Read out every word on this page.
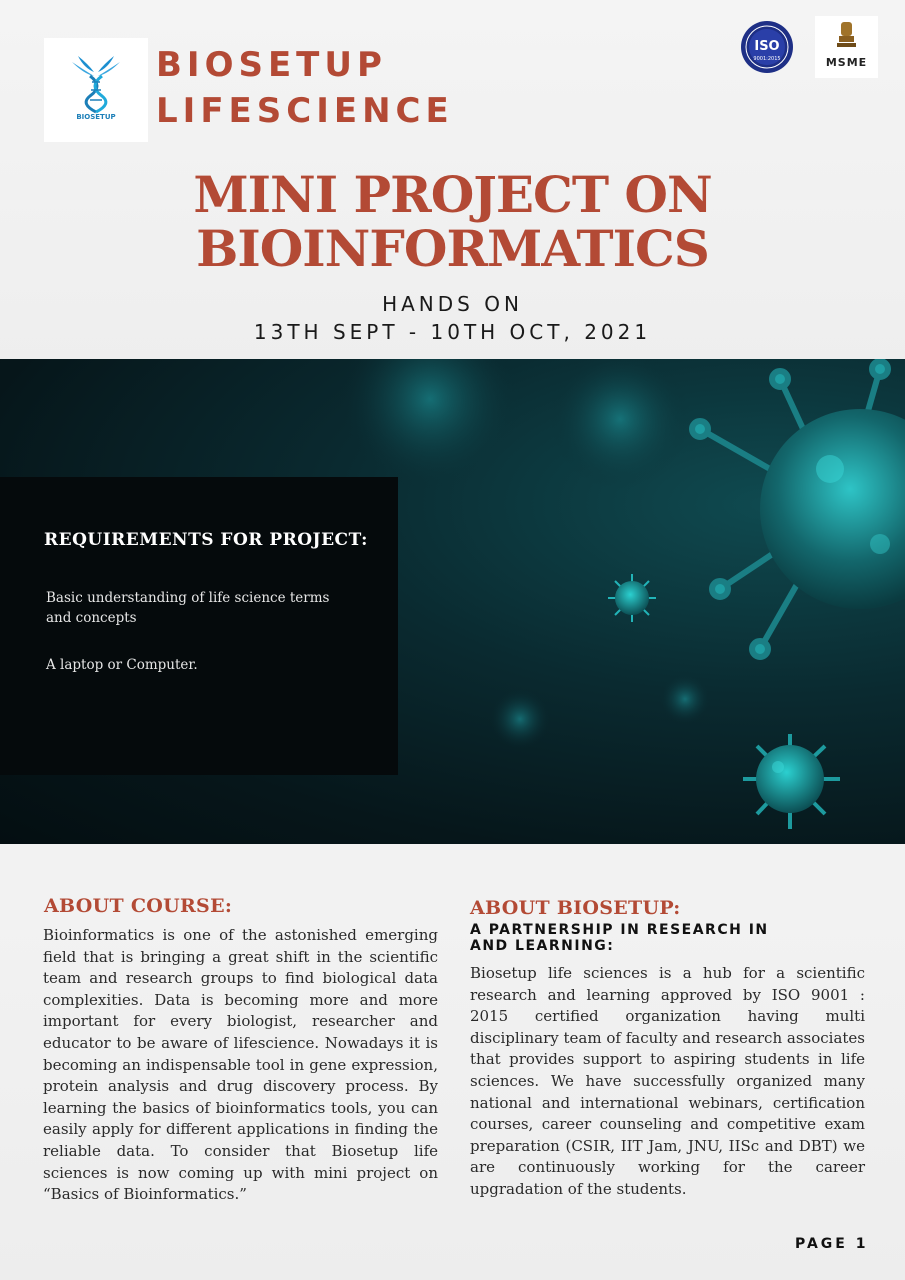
BIOSETUP
BIOSETUP
LIFESCIENCE
ISO
9001:2015	MSME
MINI PROJECT ON
BIOINFORMATICS
HANDS ON
13TH SEPT - 10TH OCT, 2021
REQUIREMENTS FOR PROJECT:
Basic understanding of life science terms and concepts
A laptop or Computer.
ABOUT COURSE:
Bioinformatics is one of the astonished emerging field that is bringing a great shift in the scientific team and research groups to find biological data complexities. Data is becoming more and more important for every biologist, researcher and educator to be aware of lifescience. Nowadays it is becoming an indispensable tool in gene expression, protein analysis and drug discovery process. By learning the basics of bioinformatics tools, you can easily apply for different applications in finding the reliable data. To consider that Biosetup life sciences is now coming up with mini project on “Basics of Bioinformatics.”
ABOUT BIOSETUP:
A PARTNERSHIP IN RESEARCH IN AND LEARNING:
Biosetup life sciences is a hub for a scientific research and learning approved by ISO 9001 : 2015 certified organization having multi disciplinary team of faculty and research associates that provides support to aspiring students in life sciences. We have successfully organized many national and international webinars, certification courses, career counseling and competitive exam preparation (CSIR, IIT Jam, JNU, IISc and DBT) we are continuously working for the career upgradation of the students.
PAGE 1
